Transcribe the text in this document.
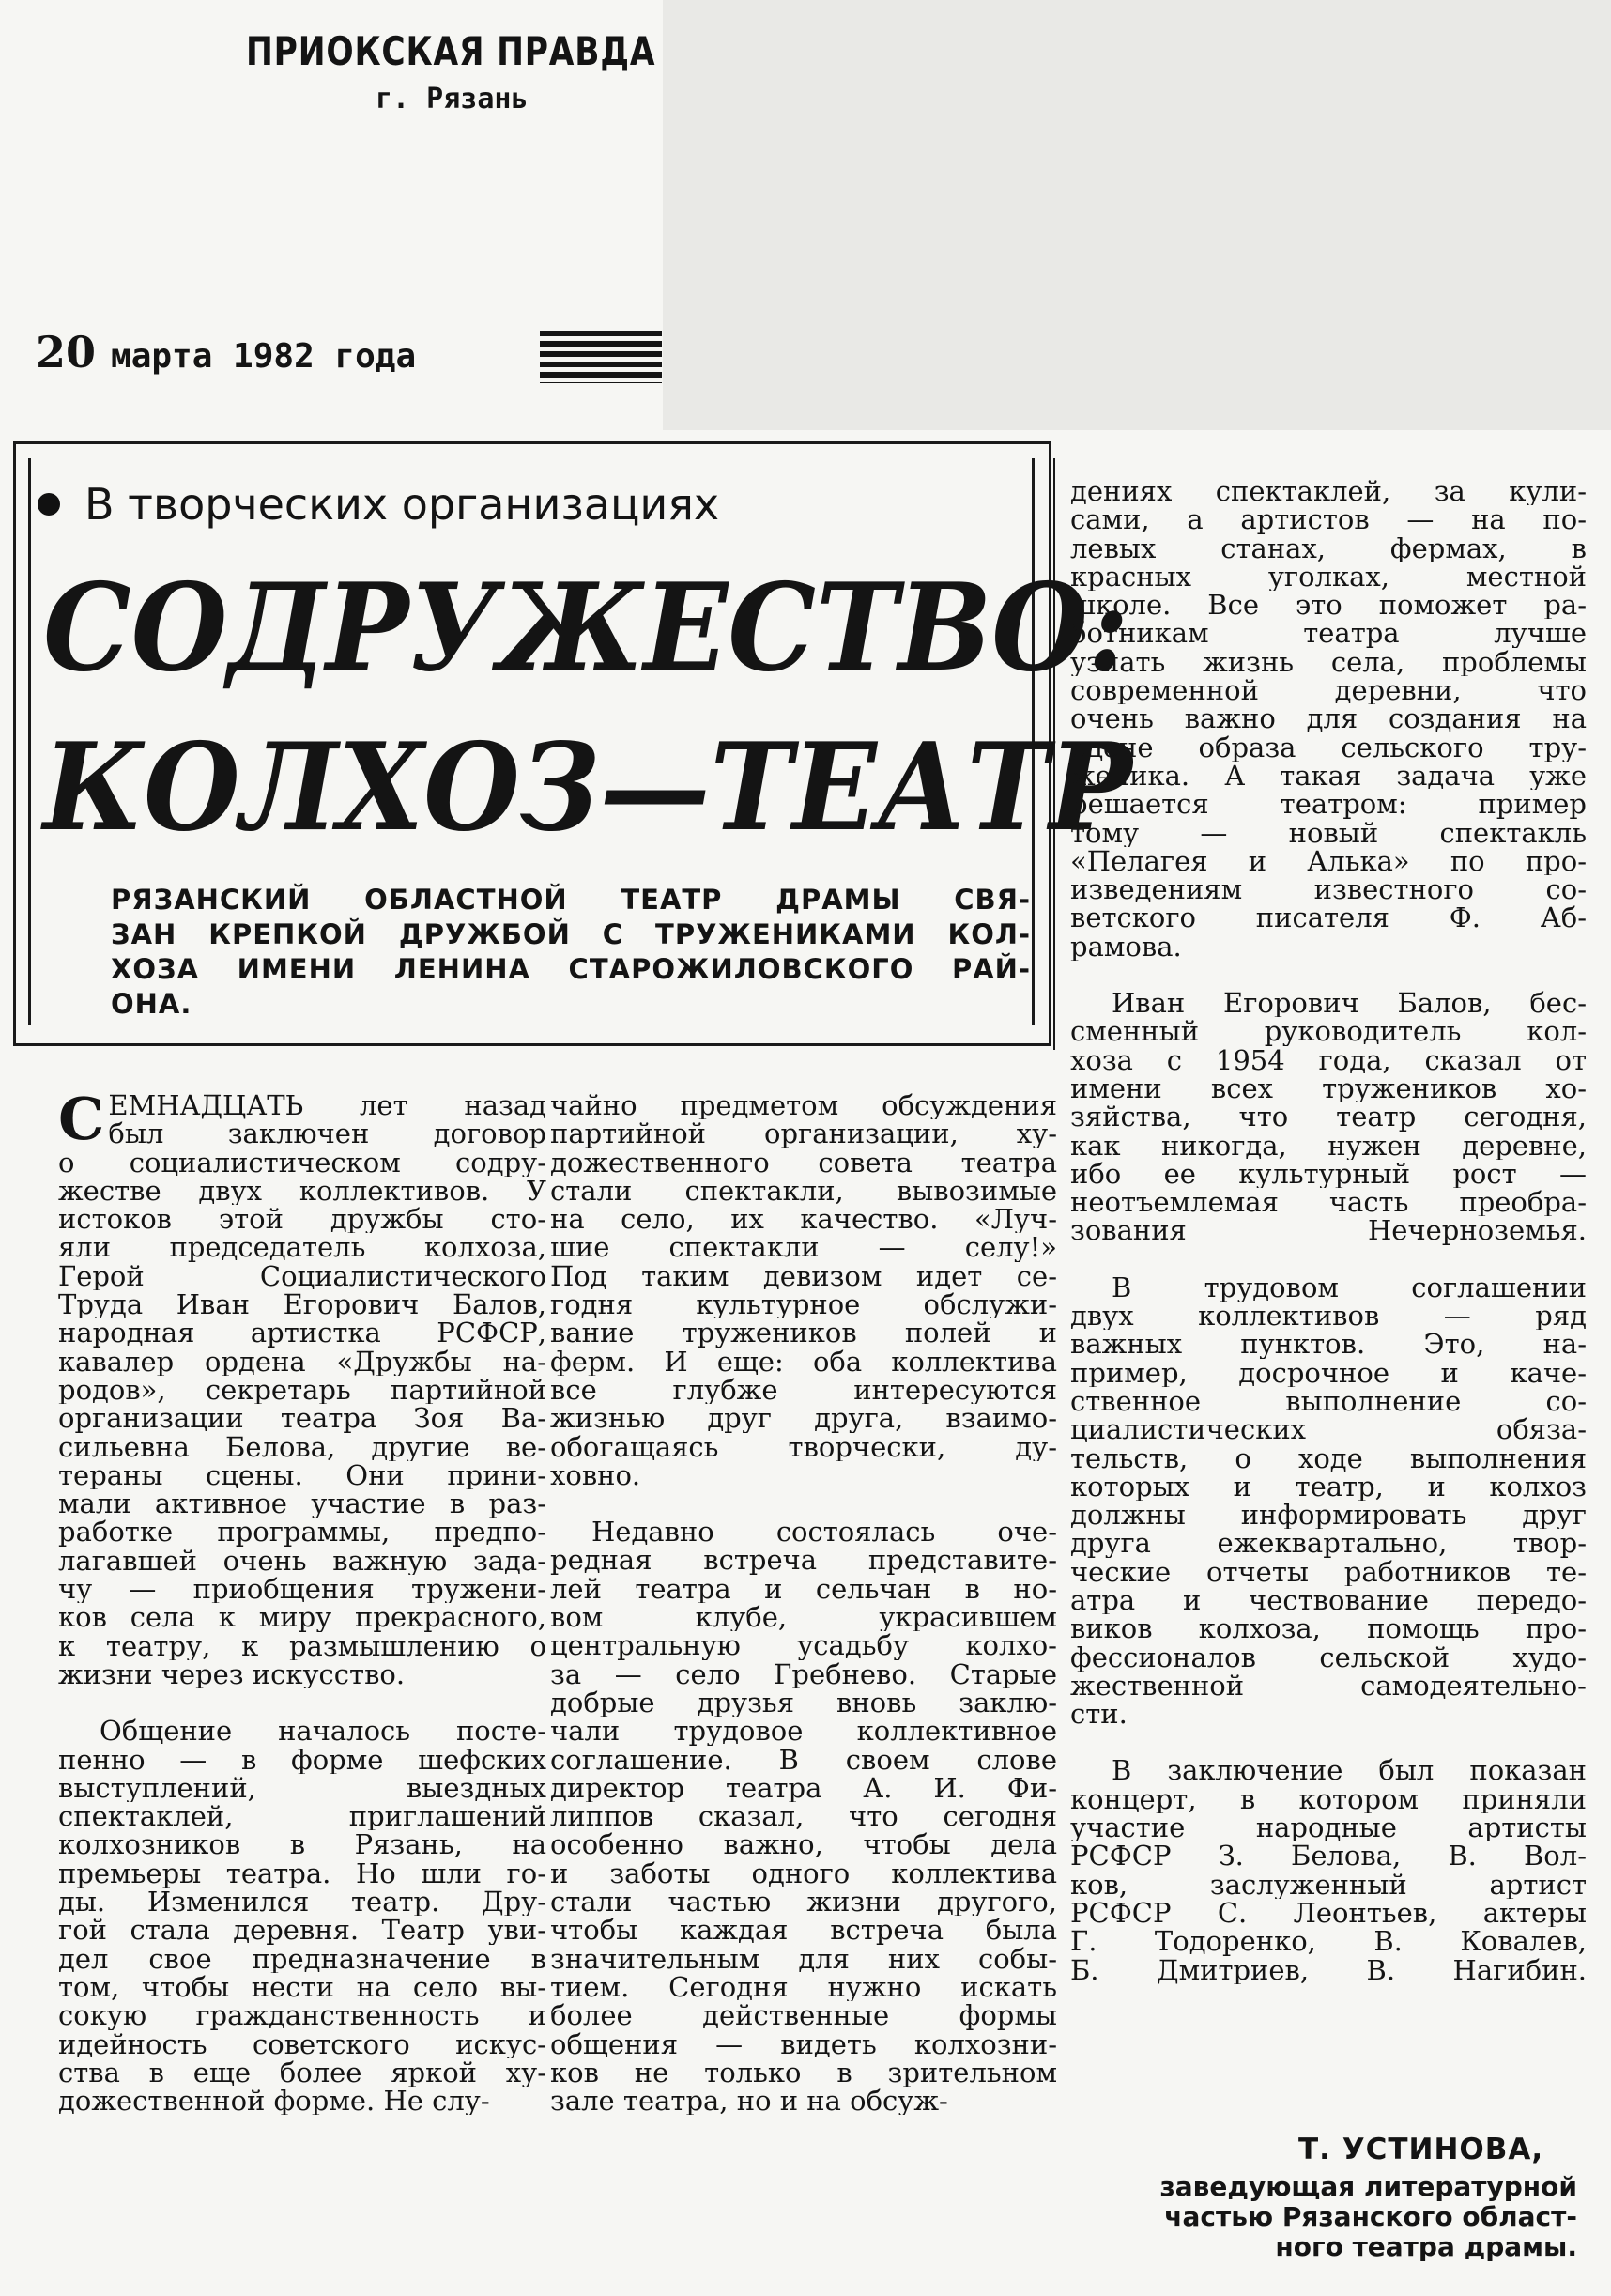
ПРИОКСКАЯ ПРАВДА
г. Рязань
20 марта 1982 года
В творческих организациях
СОДРУЖЕСТВО:
КОЛХОЗ—ТЕАТР
РЯЗАНСКИЙ ОБЛАСТНОЙ ТЕАТР ДРАМЫ СВЯ-
ЗАН КРЕПКОЙ ДРУЖБОЙ С ТРУЖЕНИКАМИ КОЛ-
ХОЗА ИМЕНИ ЛЕНИНА СТАРОЖИЛОВСКОГО РАЙ-
ОНА.
С ЕМНАДЦАТЬ лет назад
был заключен договор
о социалистическом содру-
жестве двух коллективов. У
истоков этой дружбы сто-
яли председатель колхоза,
Герой Социалистического
Труда Иван Егорович Балов,
народная артистка РСФСР,
кавалер ордена «Дружбы на-
родов», секретарь партийной
организации театра Зоя Ва-
сильевна Белова, другие ве-
тераны сцены. Они прини-
мали активное участие в раз-
работке программы, предпо-
лагавшей очень важную зада-
чу — приобщения тружени-
ков села к миру прекрасного,
к театру, к размышлению о
жизни через искусство.
Общение началось посте-
пенно — в форме шефских
выступлений, выездных
спектаклей, приглашений
колхозников в Рязань, на
премьеры театра. Но шли го-
ды. Изменился театр. Дру-
гой стала деревня. Театр уви-
дел свое предназначение в
том, чтобы нести на село вы-
сокую гражданственность и
идейность советского искус-
ства в еще более яркой ху-
дожественной форме. Не слу-
чайно предметом обсуждения
партийной организации, ху-
дожественного совета театра
стали спектакли, вывозимые
на село, их качество. «Луч-
шие спектакли — селу!»
Под таким девизом идет се-
годня культурное обслужи-
вание тружеников полей и
ферм. И еще: оба коллектива
все глубже интересуются
жизнью друг друга, взаимо-
обогащаясь творчески, ду-
ховно.
Недавно состоялась оче-
редная встреча представите-
лей театра и сельчан в но-
вом клубе, украсившем
центральную усадьбу колхо-
за — село Гребнево. Старые
добрые друзья вновь заклю-
чали трудовое коллективное
соглашение. В своем слове
директор театра А. И. Фи-
липпов сказал, что сегодня
особенно важно, чтобы дела
и заботы одного коллектива
стали частью жизни другого,
чтобы каждая встреча была
значительным для них собы-
тием. Сегодня нужно искать
более действенные формы
общения — видеть колхозни-
ков не только в зрительном
зале театра, но и на обсуж-
дениях спектаклей, за кули-
сами, а артистов — на по-
левых станах, фермах, в
красных уголках, местной
школе. Все это поможет ра-
ботникам театра лучше
узнать жизнь села, проблемы
современной деревни, что
очень важно для создания на
сцене образа сельского тру-
женика. А такая задача уже
решается театром: пример
тому — новый спектакль
«Пелагея и Алька» по про-
изведениям известного со-
ветского писателя Ф. Аб-
рамова.
Иван Егорович Балов, бес-
сменный руководитель кол-
хоза с 1954 года, сказал от
имени всех тружеников хо-
зяйства, что театр сегодня,
как никогда, нужен деревне,
ибо ее культурный рост —
неотъемлемая часть преобра-
зования Нечерноземья.
В трудовом соглашении
двух коллективов — ряд
важных пунктов. Это, на-
пример, досрочное и каче-
ственное выполнение со-
циалистических обяза-
тельств, о ходе выполнения
которых и театр, и колхоз
должны информировать друг
друга ежеквартально, твор-
ческие отчеты работников те-
атра и чествование передо-
виков колхоза, помощь про-
фессионалов сельской худо-
жественной самодеятельно-
сти.
В заключение был показан
концерт, в котором приняли
участие народные артисты
РСФСР З. Белова, В. Вол-
ков, заслуженный артист
РСФСР С. Леонтьев, актеры
Г. Тодоренко, В. Ковалев,
Б. Дмитриев, В. Нагибин.
Т. УСТИНОВА,
заведующая литературной
частью Рязанского област-
ного театра драмы.
